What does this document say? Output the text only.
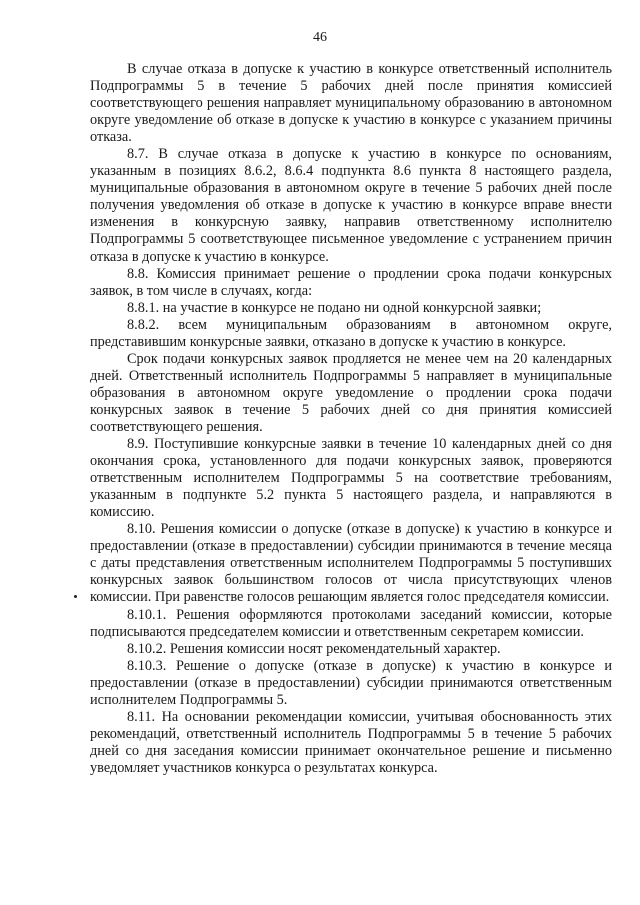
46

В случае отказа в допуске к участию в конкурсе ответственный исполнитель Подпрограммы 5 в течение 5 рабочих дней после принятия комиссией соответствующего решения направляет муниципальному образованию в автономном округе уведомление об отказе в допуске к участию в конкурсе с указанием причины отказа.

8.7. В случае отказа в допуске к участию в конкурсе по основаниям, указанным в позициях 8.6.2, 8.6.4 подпункта 8.6 пункта 8 настоящего раздела, муниципальные образования в автономном округе в течение 5 рабочих дней после получения уведомления об отказе в допуске к участию в конкурсе вправе внести изменения в конкурсную заявку, направив ответственному исполнителю Подпрограммы 5 соответствующее письменное уведомление с устранением причин отказа в допуске к участию в конкурсе.

8.8. Комиссия принимает решение о продлении срока подачи конкурсных заявок, в том числе в случаях, когда:

8.8.1. на участие в конкурсе не подано ни одной конкурсной заявки;

8.8.2. всем муниципальным образованиям в автономном округе, представившим конкурсные заявки, отказано в допуске к участию в конкурсе.

Срок подачи конкурсных заявок продляется не менее чем на 20 календарных дней. Ответственный исполнитель Подпрограммы 5 направляет в муниципальные образования в автономном округе уведомление о продлении срока подачи конкурсных заявок в течение 5 рабочих дней со дня принятия комиссией соответствующего решения.

8.9. Поступившие конкурсные заявки в течение 10 календарных дней со дня окончания срока, установленного для подачи конкурсных заявок, проверяются ответственным исполнителем Подпрограммы 5 на соответствие требованиям, указанным в подпункте 5.2 пункта 5 настоящего раздела, и направляются в комиссию.

8.10. Решения комиссии о допуске (отказе в допуске) к участию в конкурсе и предоставлении (отказе в предоставлении) субсидии принимаются в течение месяца с даты представления ответственным исполнителем Подпрограммы 5 поступивших конкурсных заявок большинством голосов от числа присутствующих членов комиссии. При равенстве голосов решающим является голос председателя комиссии.

8.10.1. Решения оформляются протоколами заседаний комиссии, которые подписываются председателем комиссии и ответственным секретарем комиссии.

8.10.2. Решения комиссии носят рекомендательный характер.

8.10.3. Решение о допуске (отказе в допуске) к участию в конкурсе и предоставлении (отказе в предоставлении) субсидии принимаются ответственным исполнителем Подпрограммы 5.

8.11. На основании рекомендации комиссии, учитывая обоснованность этих рекомендаций, ответственный исполнитель Подпрограммы 5 в течение 5 рабочих дней со дня заседания комиссии принимает окончательное решение и письменно уведомляет участников конкурса о результатах конкурса.
